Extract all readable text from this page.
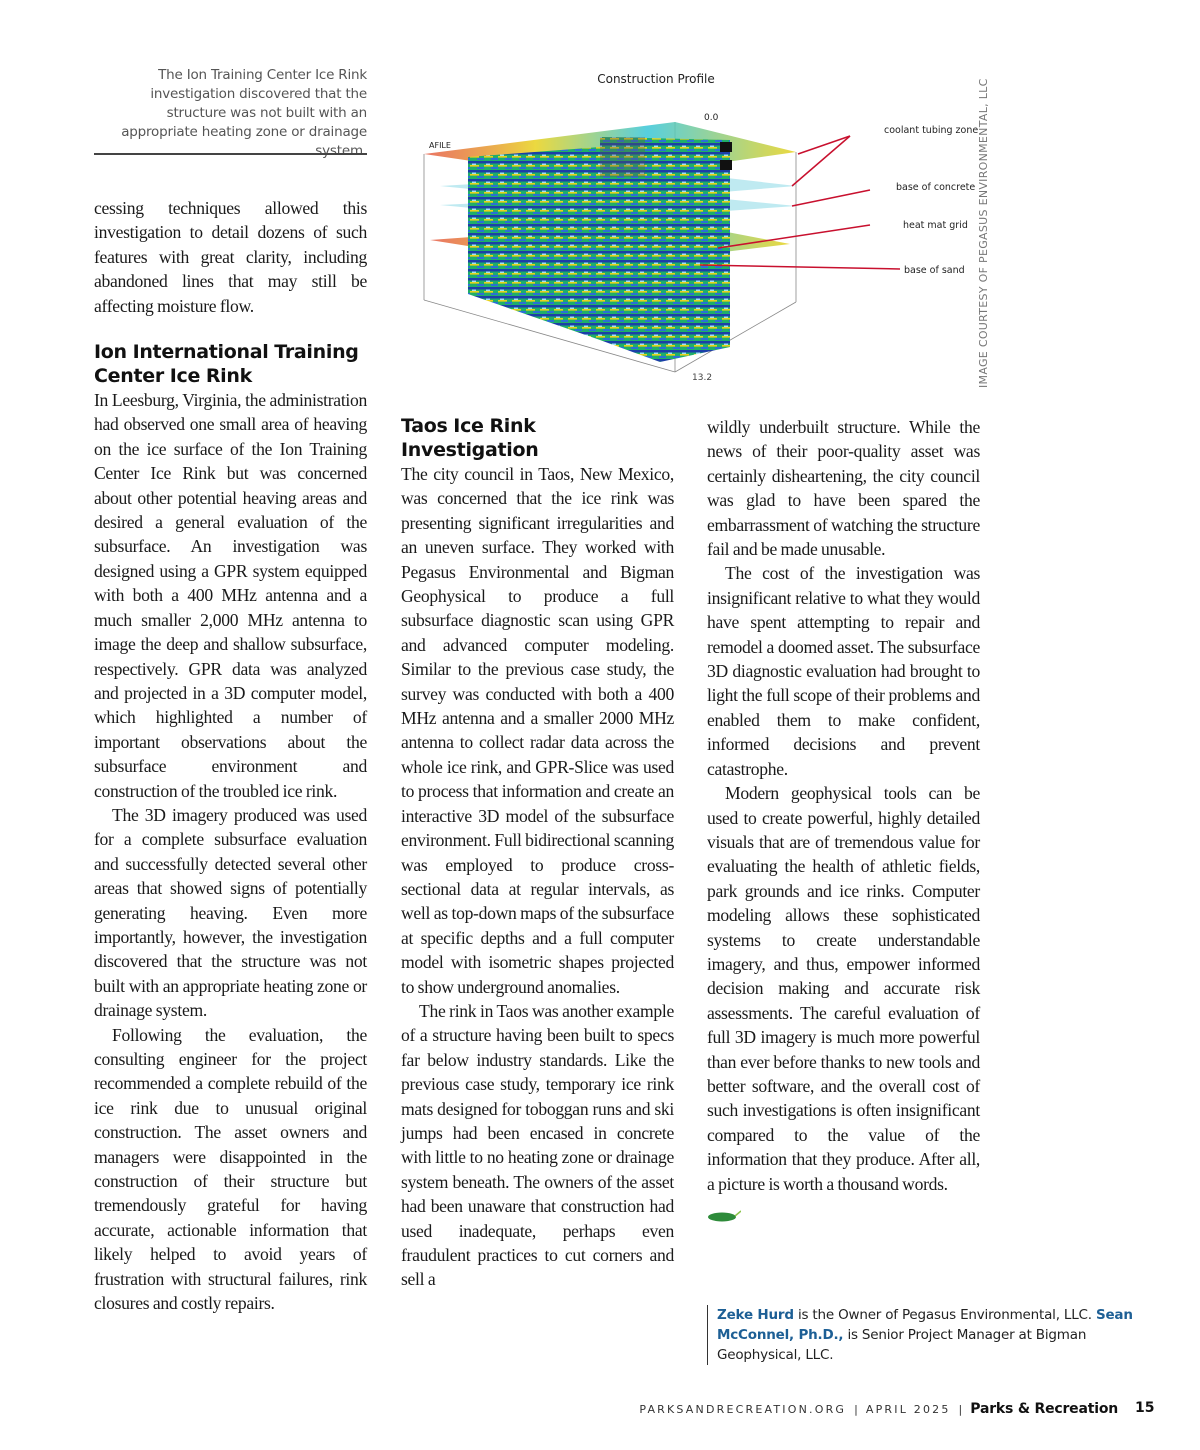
The Ion Training Center Ice Rink investigation discovered that the structure was not built with an appropriate heating zone or drainage system.
Construction Profile
0.0
13.2
AFILE
coolant tubing zone
base of concrete
heat mat grid
base of sand IMAGE COURTESY OF PEGASUS ENVIRONMENTAL, LLC

cessing techniques allowed this investigation to detail dozens of such features with great clarity, including abandoned lines that may still be affecting moisture flow.

Ion International Training Center Ice Rink

In Leesburg, Virginia, the administration had observed one small area of heaving on the ice surface of the Ion Training Center Ice Rink but was concerned about other potential heaving areas and desired a general evaluation of the subsurface. An investigation was designed using a GPR system equipped with both a 400 MHz antenna and a much smaller 2,000 MHz antenna to image the deep and shallow subsurface, respectively. GPR data was analyzed and projected in a 3D computer model, which highlighted a number of important observations about the subsurface environment and construction of the troubled ice rink.

The 3D imagery produced was used for a complete subsurface evaluation and successfully detected several other areas that showed signs of potentially generating heaving. Even more importantly, however, the investigation discovered that the structure was not built with an appropriate heating zone or drainage system.

Following the evaluation, the consulting engineer for the project recommended a complete rebuild of the ice rink due to unusual original construction. The asset owners and managers were disappointed in the construction of their structure but tremendously grateful for having accurate, actionable information that likely helped to avoid years of frustration with structural failures, rink closures and costly repairs.

Taos Ice Rink Investigation

The city council in Taos, New Mexico, was concerned that the ice rink was presenting significant irregularities and an uneven surface. They worked with Pegasus Environmental and Bigman Geophysical to produce a full subsurface diagnostic scan using GPR and advanced computer modeling. Similar to the previous case study, the survey was conducted with both a 400 MHz antenna and a smaller 2000 MHz antenna to collect radar data across the whole ice rink, and GPR-Slice was used to process that information and create an interactive 3D model of the subsurface environment. Full bidirectional scanning was employed to produce cross-sectional data at regular intervals, as well as top-down maps of the subsurface at specific depths and a full computer model with isometric shapes projected to show underground anomalies.

The rink in Taos was another example of a structure having been built to specs far below industry standards. Like the previous case study, temporary ice rink mats designed for toboggan runs and ski jumps had been encased in concrete with little to no heating zone or drainage system beneath. The owners of the asset had been unaware that construction had used inadequate, perhaps even fraudulent practices to cut corners and sell a

wildly underbuilt structure. While the news of their poor-quality asset was certainly disheartening, the city council was glad to have been spared the embarrassment of watching the structure fail and be made unusable.

The cost of the investigation was insignificant relative to what they would have spent attempting to repair and remodel a doomed asset. The subsurface 3D diagnostic evaluation had brought to light the full scope of their problems and enabled them to make confident, informed decisions and prevent catastrophe.

Modern geophysical tools can be used to create powerful, highly detailed visuals that are of tremendous value for evaluating the health of athletic fields, park grounds and ice rinks. Computer modeling allows these sophisticated systems to create understandable imagery, and thus, empower informed decision making and accurate risk assessments. The careful evaluation of full 3D imagery is much more powerful than ever before thanks to new tools and better software, and the overall cost of such investigations is often insignificant compared to the value of the information that they produce. After all, a picture is worth a thousand words.

Zeke Hurd is the Owner of Pegasus Environmental, LLC. Sean McConnel, Ph.D., is Senior Project Manager at Bigman Geophysical, LLC.
PARKSANDRECREATION.ORG | APRIL 2025 | Parks & Recreation 15
